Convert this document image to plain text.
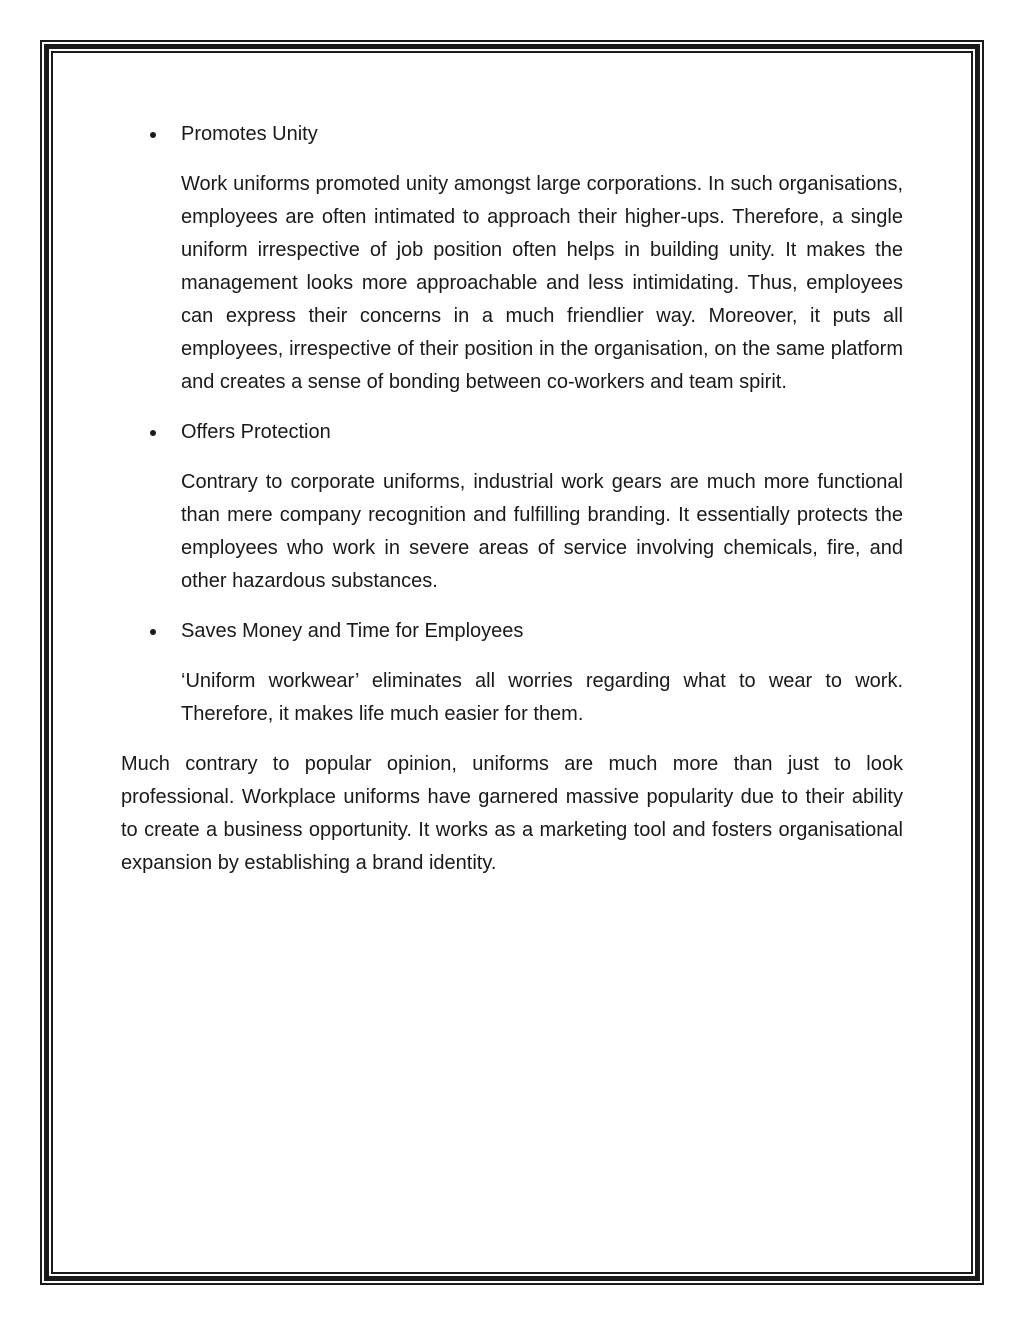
Promotes Unity

Work uniforms promoted unity amongst large corporations. In such organisations, employees are often intimated to approach their higher-ups. Therefore, a single uniform irrespective of job position often helps in building unity. It makes the management looks more approachable and less intimidating. Thus, employees can express their concerns in a much friendlier way. Moreover, it puts all employees, irrespective of their position in the organisation, on the same platform and creates a sense of bonding between co-workers and team spirit.

Offers Protection

Contrary to corporate uniforms, industrial work gears are much more functional than mere company recognition and fulfilling branding. It essentially protects the employees who work in severe areas of service involving chemicals, fire, and other hazardous substances.

Saves Money and Time for Employees

‘Uniform workwear’ eliminates all worries regarding what to wear to work. Therefore, it makes life much easier for them.

Much contrary to popular opinion, uniforms are much more than just to look professional. Workplace uniforms have garnered massive popularity due to their ability to create a business opportunity. It works as a marketing tool and fosters organisational expansion by establishing a brand identity.
